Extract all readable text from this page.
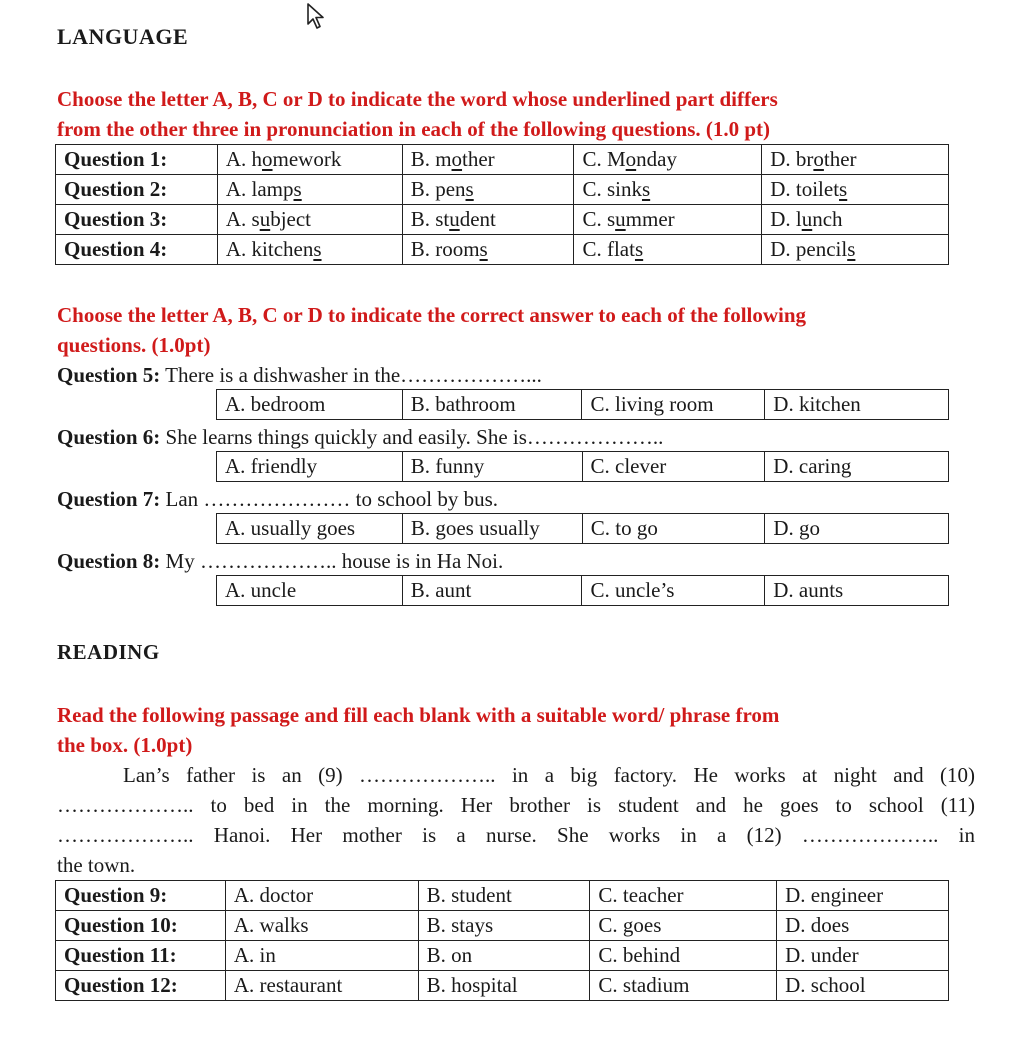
LANGUAGE
Choose the letter A, B, C or D to indicate the word whose underlined part differs
from the other three in pronunciation in each of the following questions. (1.0 pt)
Question 1:	A. homework	B. mother	C. Monday	D. brother
Question 2:	A. lamps	B. pens	C. sinks	D. toilets
Question 3:	A. subject	B. student	C. summer	D. lunch
Question 4:	A. kitchens	B. rooms	C. flats	D. pencils
Choose the letter A, B, C or D to indicate the correct answer to each of the following
questions. (1.0pt)
Question 5: There is a dishwasher in the………………...
A. bedroom	B. bathroom	C. living room	D. kitchen
Question 6: She learns things quickly and easily. She is………………..
A. friendly	B. funny	C. clever	D. caring
Question 7: Lan ………………… to school by bus.
A. usually goes	B. goes usually	C. to go	D. go
Question 8: My ……………….. house is in Ha Noi.
A. uncle	B. aunt	C. uncle’s	D. aunts
READING
Read the following passage and fill each blank with a suitable word/ phrase from
the box. (1.0pt)
Lan’s father is an (9) ……………….. in a big factory. He works at night and (10)
……………….. to bed in the morning. Her brother is student and he goes to school (11)
……………….. Hanoi. Her mother is a nurse. She works in a (12) ……………….. in
the town.
Question 9:	A. doctor	B. student	C. teacher	D. engineer
Question 10:	A. walks	B. stays	C. goes	D. does
Question 11:	A. in	B. on	C. behind	D. under
Question 12:	A. restaurant	B. hospital	C. stadium	D. school
